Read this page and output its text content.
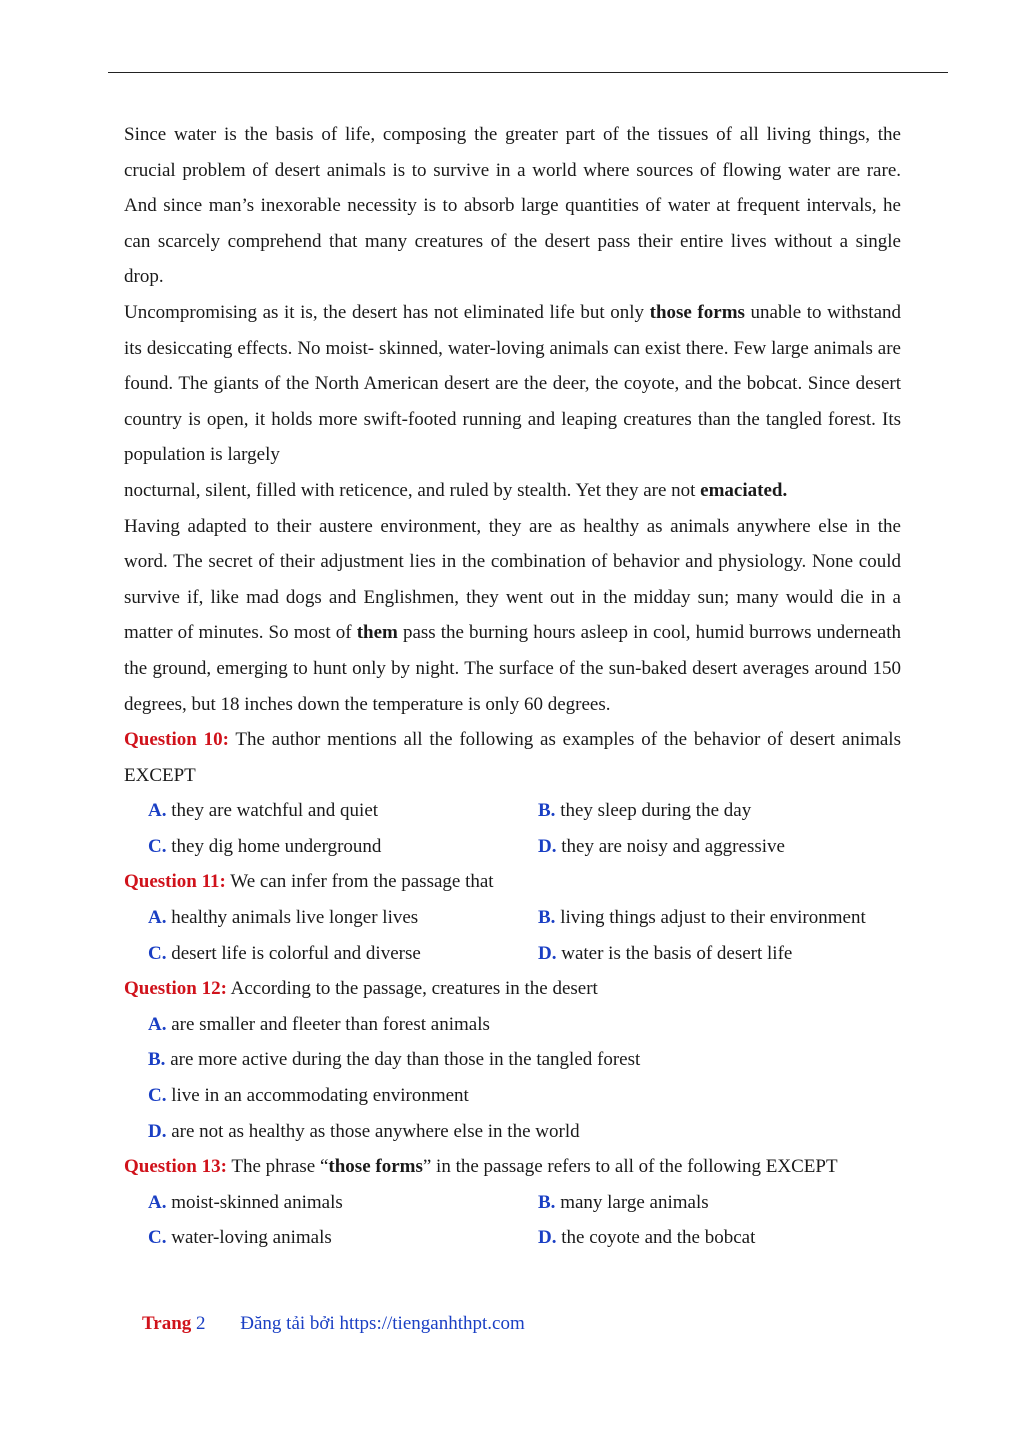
Since water is the basis of life, composing the greater part of the tissues of all living things, the crucial problem of desert animals is to survive in a world where sources of flowing water are rare. And since man’s inexorable necessity is to absorb large quantities of water at frequent intervals, he can scarcely comprehend that many creatures of the desert pass their entire lives without a single drop.

Uncompromising as it is, the desert has not eliminated life but only those forms unable to withstand its desiccating effects. No moist- skinned, water-loving animals can exist there. Few large animals are found. The giants of the North American desert are the deer, the coyote, and the bobcat. Since desert country is open, it holds more swift-footed running and leaping creatures than the tangled forest. Its population is largely

nocturnal, silent, filled with reticence, and ruled by stealth. Yet they are not emaciated.

Having adapted to their austere environment, they are as healthy as animals anywhere else in the word. The secret of their adjustment lies in the combination of behavior and physiology. None could survive if, like mad dogs and Englishmen, they went out in the midday sun; many would die in a matter of minutes. So most of them pass the burning hours asleep in cool, humid burrows underneath the ground, emerging to hunt only by night. The surface of the sun-baked desert averages around 150 degrees, but 18 inches down the temperature is only 60 degrees.

Question 10: The author mentions all the following as examples of the behavior of desert animals EXCEPT

A. they are watchful and quiet	B. they sleep during the day
C. they dig home underground	D. they are noisy and aggressive

Question 11: We can infer from the passage that

A. healthy animals live longer lives	B. living things adjust to their environment
C. desert life is colorful and diverse	D. water is the basis of desert life

Question 12: According to the passage, creatures in the desert

A. are smaller and fleeter than forest animals
B. are more active during the day than those in the tangled forest
C. live in an accommodating environment
D. are not as healthy as those anywhere else in the world

Question 13: The phrase “those forms” in the passage refers to all of the following EXCEPT

A. moist-skinned animals	B. many large animals
C. water-loving animals	D. the coyote and the bobcat
Trang 2 Đăng tải bởi https://tienganhthpt.com
